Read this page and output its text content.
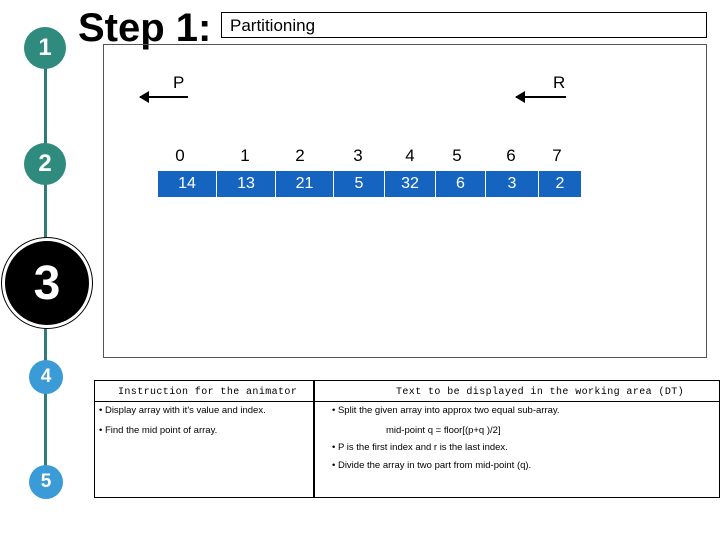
1
2
3
4
5
Step 1:	Partitioning
P	R
0	1	2	3	4	5	6	7
14	13	21	5	32	6	3	2
Instruction for the animator	Text to be displayed in the working area (DT)
• Display array with it's value and index.
• Find the mid point of array.
• Split the given array into approx two equal sub-array.
mid-point q = floor[(p+q )/2]
• P is the first index and r is the last index.
• Divide the array in two part from mid-point (q).
